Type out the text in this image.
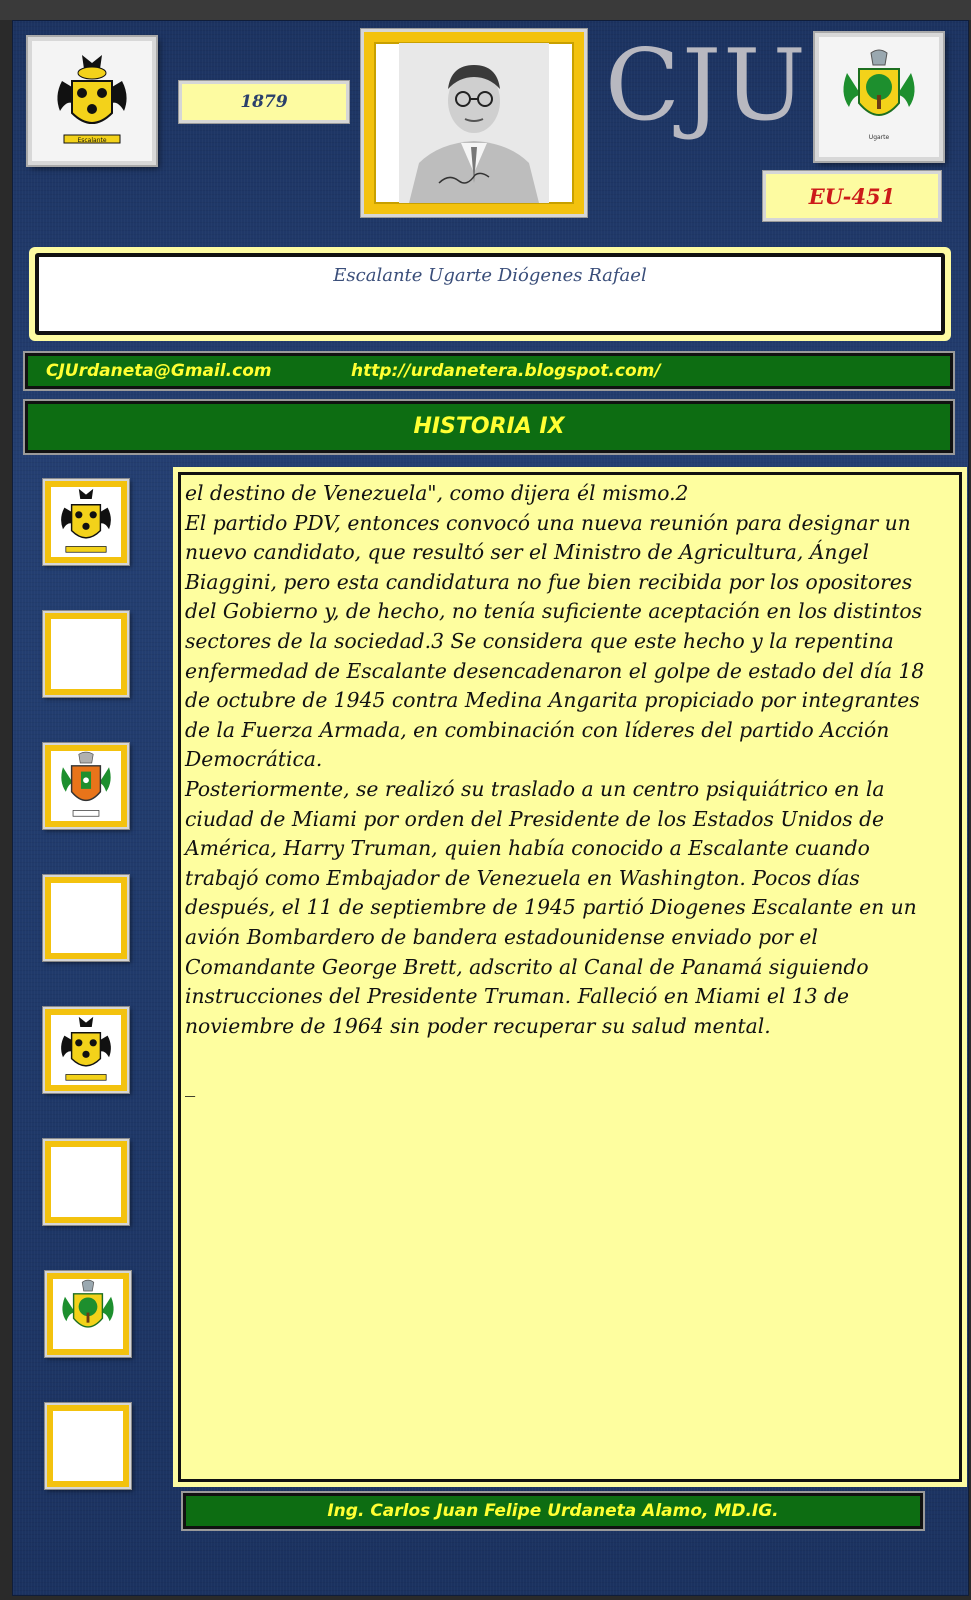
Escalante
1879	CJU	Ugarte
EU-451
Escalante Ugarte Diógenes Rafael
CJUrdaneta@Gmail.com	http://urdanetera.blogspot.com/
HISTORIA IX

el destino de Venezuela", como dijera él mismo.2

El partido PDV, entonces convocó una nueva reunión para designar un nuevo candidato, que resultó ser el Ministro de Agricultura, Ángel Biaggini, pero esta candidatura no fue bien recibida por los opositores del Gobierno y, de hecho, no tenía suficiente aceptación en los distintos sectores de la sociedad.3 Se considera que este hecho y la repentina enfermedad de Escalante desencadenaron el golpe de estado del día 18 de octubre de 1945 contra Medina Angarita propiciado por integrantes de la Fuerza Armada, en combinación con líderes del partido Acción Democrática.

Posteriormente, se realizó su traslado a un centro psiquiátrico en la ciudad de Miami por orden del Presidente de los Estados Unidos de América, Harry Truman, quien había conocido a Escalante cuando trabajó como Embajador de Venezuela en Washington. Pocos días después, el 11 de septiembre de 1945 partió Diogenes Escalante en un avión Bombardero de bandera estadounidense enviado por el Comandante George Brett, adscrito al Canal de Panamá siguiendo instrucciones del Presidente Truman. Falleció en Miami el 13 de noviembre de 1964 sin poder recuperar su salud mental.

_

Ing. Carlos Juan Felipe Urdaneta Alamo, MD.IG.
